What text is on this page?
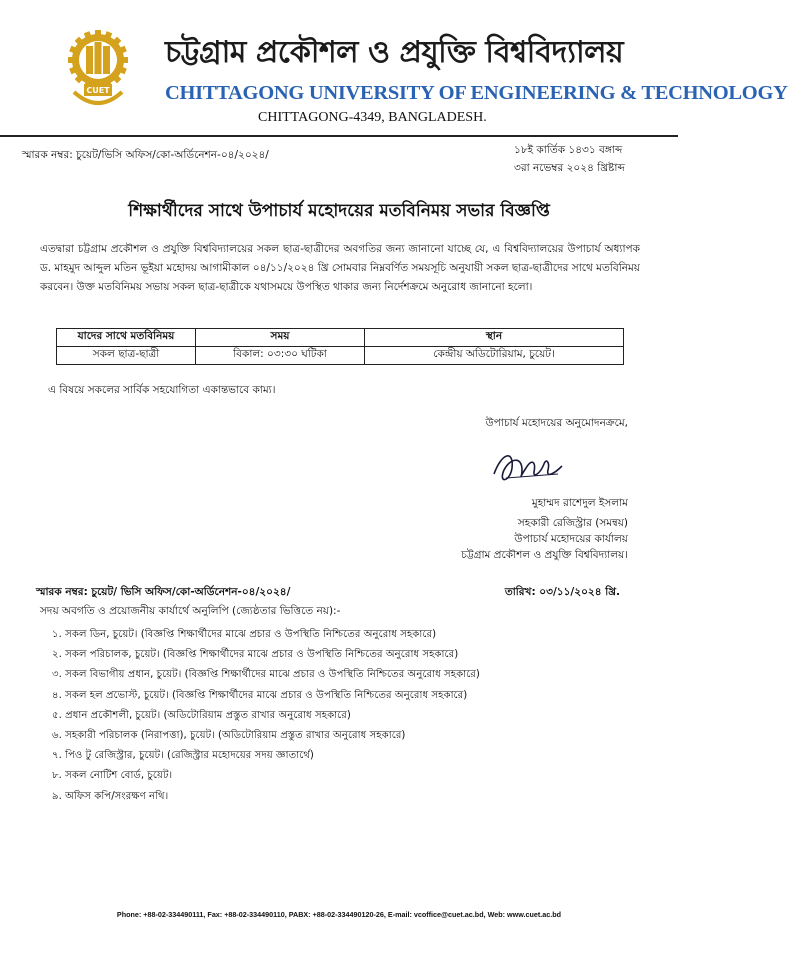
CUET
চট্টগ্রাম প্রকৌশল ও প্রযুক্তি বিশ্ববিদ্যালয়
CHITTAGONG UNIVERSITY OF ENGINEERING & TECHNOLOGY
CHITTAGONG-4349, BANGLADESH.
স্মারক নম্বর: চুয়েট/ভিসি অফিস/কো-অর্ডিনেশন-০৪/২০২৪/	১৮ই কার্তিক ১৪৩১ বঙ্গাব্দ
৩রা নভেম্বর ২০২৪ খ্রিষ্টাব্দ
শিক্ষার্থীদের সাথে উপাচার্য মহোদয়ের মতবিনিময় সভার বিজ্ঞপ্তি
এতদ্বারা চট্টগ্রাম প্রকৌশল ও প্রযুক্তি বিশ্ববিদ্যালয়ের সকল ছাত্র-ছাত্রীদের অবগতির জন্য জানানো যাচ্ছে যে, এ বিশ্ববিদ্যালয়ের উপাচার্য অধ্যাপক ড. মাহমুদ আব্দুল মতিন ভূইয়া মহোদয় আগামীকাল ০৪/১১/২০২৪ খ্রি সোমবার নিম্নবর্ণিত সময়সূচি অনুযায়ী সকল ছাত্র-ছাত্রীদের সাথে মতবিনিময় করবেন। উক্ত মতবিনিময় সভায় সকল ছাত্র-ছাত্রীকে যথাসময়ে উপস্থিত থাকার জন্য নির্দেশক্রমে অনুরোধ জানানো হলো।
যাদের সাথে মতবিনিময়	সময়	স্থান
সকল ছাত্র-ছাত্রী	বিকাল: ০৩:৩০ ঘটিকা	কেন্দ্রীয় অডিটোরিয়াম, চুয়েট।
এ বিষয়ে সকলের সার্বিক সহযোগিতা একান্তভাবে কাম্য।
উপাচার্য মহোদয়ের অনুমোদনক্রমে,
মুহাম্মদ রাশেদুল ইসলাম
সহকারী রেজিস্ট্রার (সমন্বয়)
উপাচার্য মহোদয়ের কার্যালয়
চট্টগ্রাম প্রকৌশল ও প্রযুক্তি বিশ্ববিদ্যালয়।
স্মারক নম্বর: চুয়েট/ ভিসি অফিস/কো-অর্ডিনেশন-০৪/২০২৪/	তারিখ: ০৩/১১/২০২৪ খ্রি.
সদয় অবগতি ও প্রয়োজনীয় কার্যার্থে অনুলিপি (জ্যেষ্ঠতার ভিত্তিতে নয়):-
১. সকল ডিন, চুয়েট। (বিজ্ঞপ্তি শিক্ষার্থীদের মাঝে প্রচার ও উপস্থিতি নিশ্চিতের অনুরোধ সহকারে)
২. সকল পরিচালক, চুয়েট। (বিজ্ঞপ্তি শিক্ষার্থীদের মাঝে প্রচার ও উপস্থিতি নিশ্চিতের অনুরোধ সহকারে)
৩. সকল বিভাগীয় প্রধান, চুয়েট। (বিজ্ঞপ্তি শিক্ষার্থীদের মাঝে প্রচার ও উপস্থিতি নিশ্চিতের অনুরোধ সহকারে)
৪. সকল হল প্রভোস্ট, চুয়েট। (বিজ্ঞপ্তি শিক্ষার্থীদের মাঝে প্রচার ও উপস্থিতি নিশ্চিতের অনুরোধ সহকারে)
৫. প্রধান প্রকৌশলী, চুয়েট। (অডিটোরিয়াম প্রস্তুত রাখার অনুরোধ সহকারে)
৬. সহকারী পরিচালক (নিরাপত্তা), চুয়েট। (অডিটোরিয়াম প্রস্তুত রাখার অনুরোধ সহকারে)
৭. পিও টু রেজিস্ট্রার, চুয়েট। (রেজিস্ট্রার মহোদয়ের সদয় জ্ঞাতার্থে)
৮. সকল নোটিশ বোর্ড, চুয়েট।
৯. অফিস কপি/সংরক্ষণ নথি।
Phone: +88-02-334490111, Fax: +88-02-334490110, PABX: +88-02-334490120-26, E-mail: vcoffice@cuet.ac.bd, Web: www.cuet.ac.bd
